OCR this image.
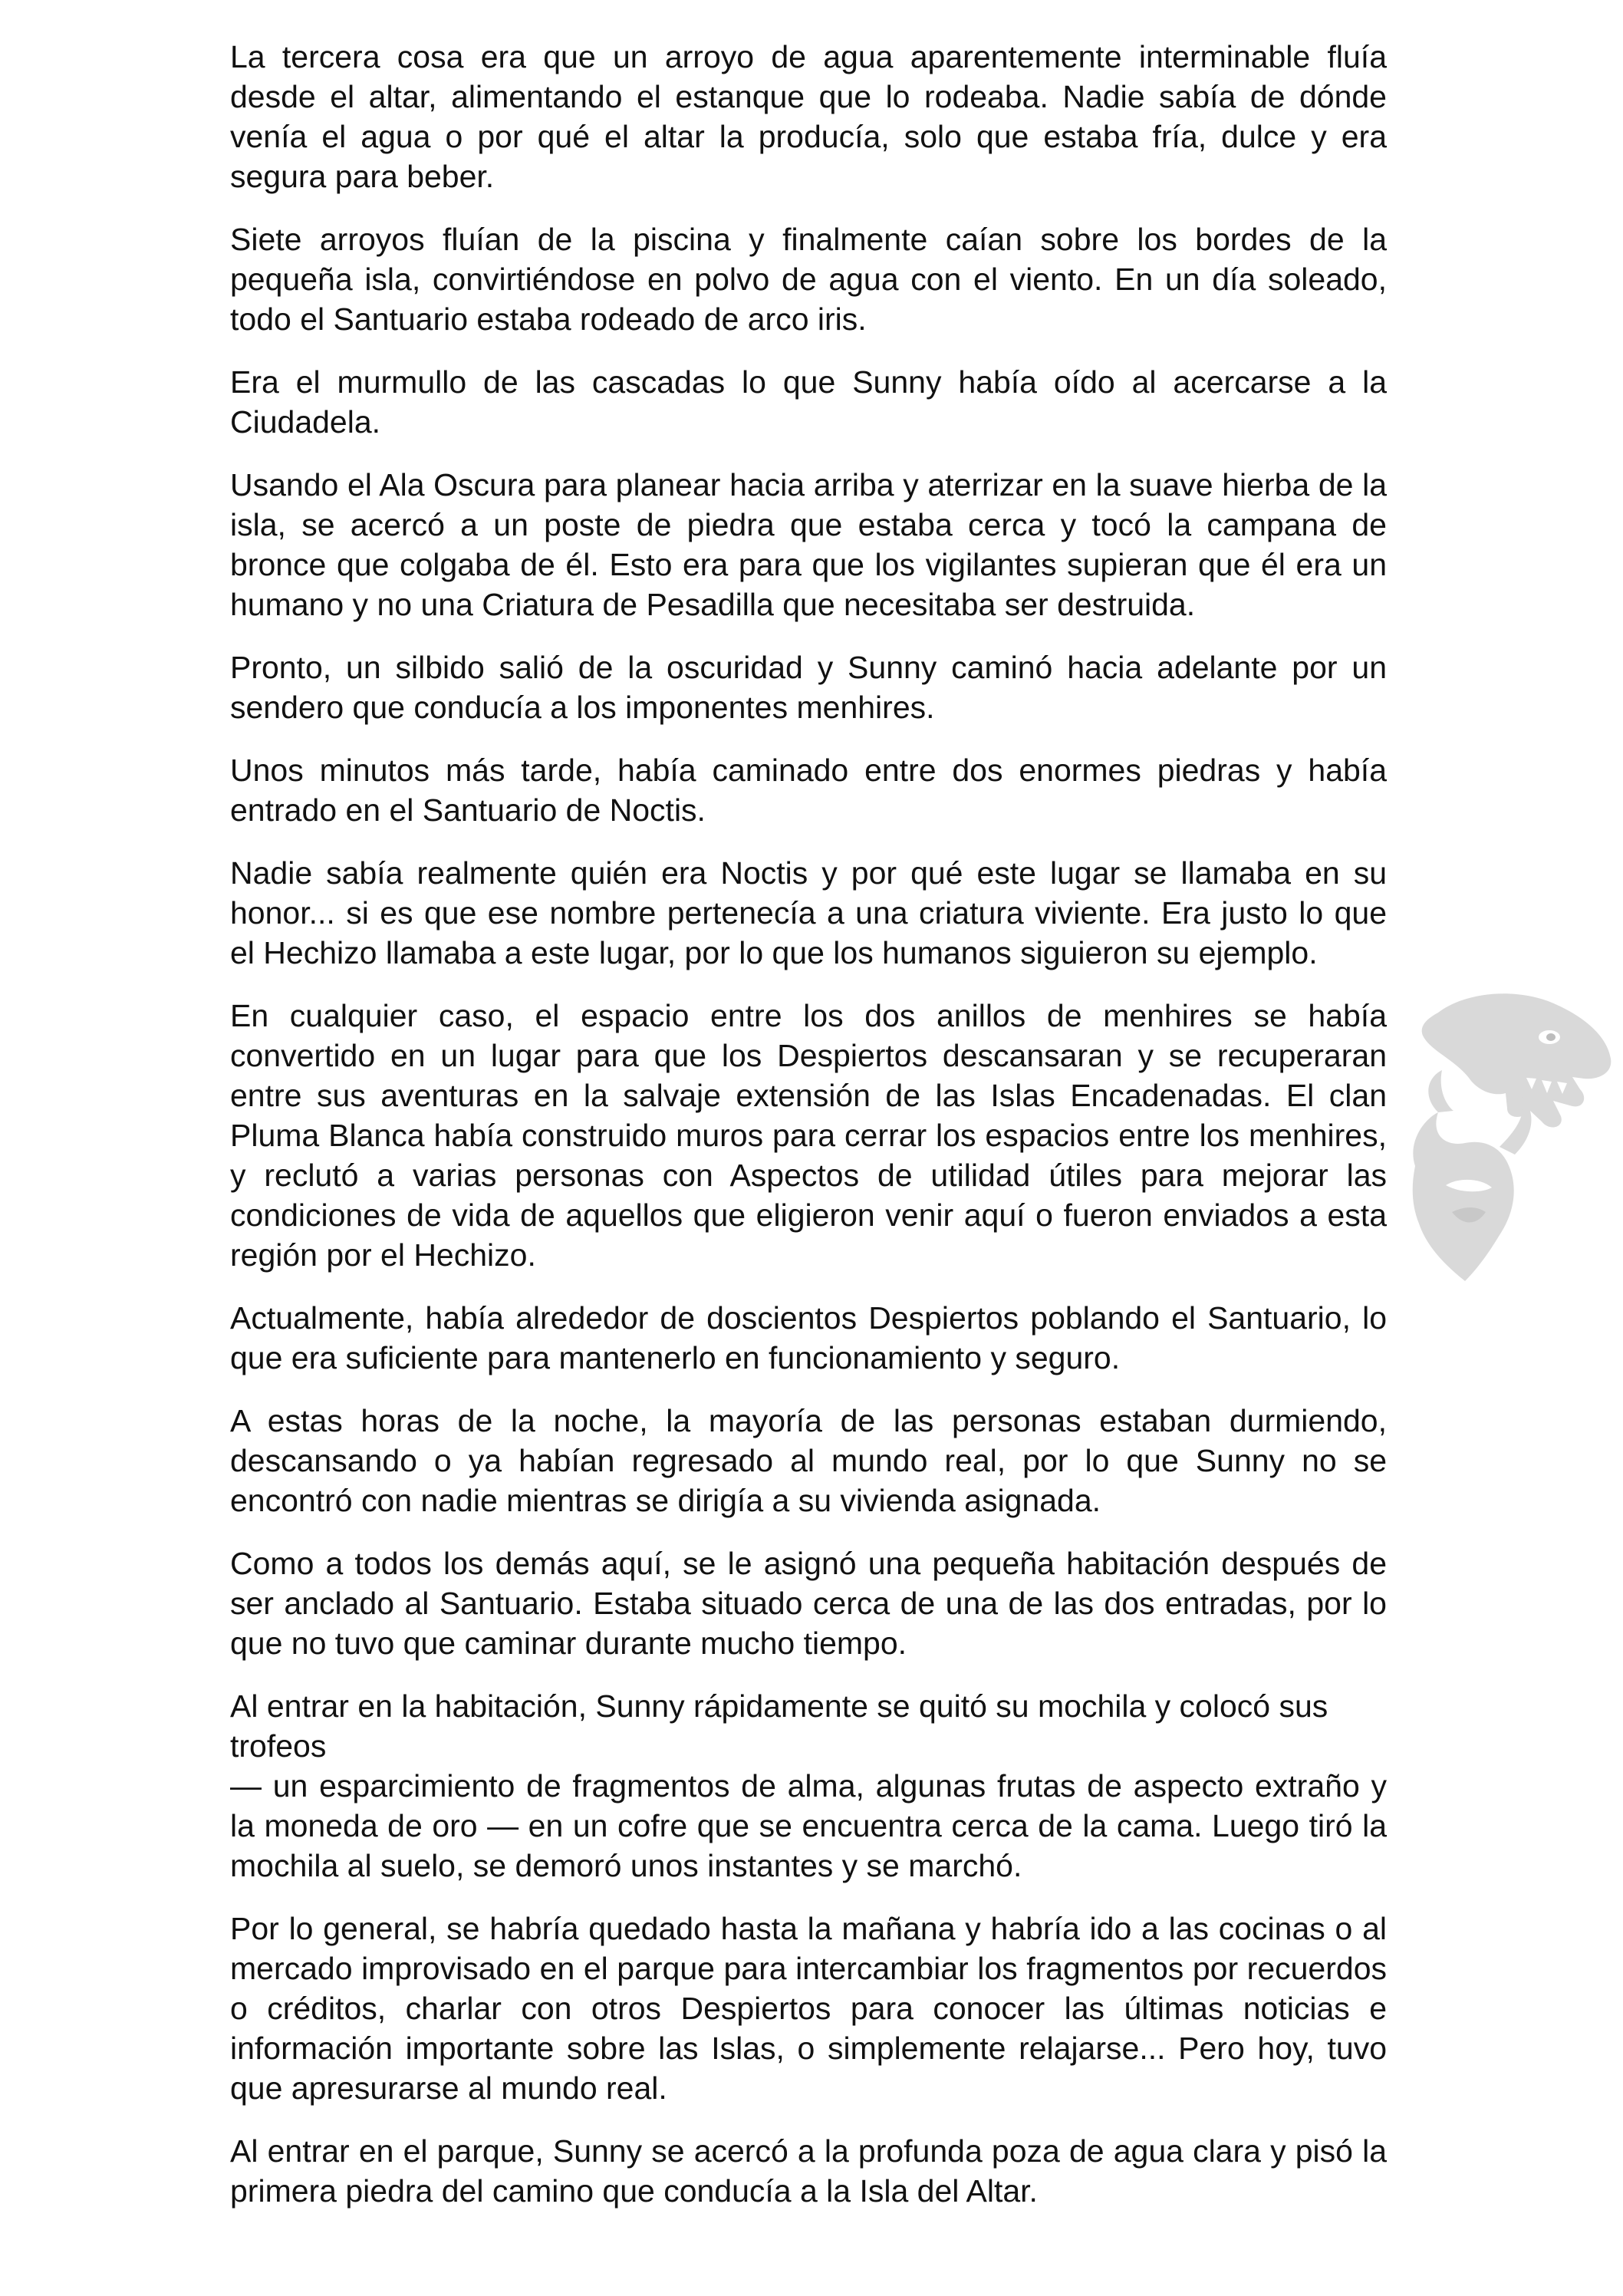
La tercera cosa era que un arroyo de agua aparentemente interminable fluía desde el altar, alimentando el estanque que lo rodeaba. Nadie sabía de dónde venía el agua o por qué el altar la producía, solo que estaba fría, dulce y era segura para beber.

Siete arroyos fluían de la piscina y finalmente caían sobre los bordes de la pequeña isla, convirtiéndose en polvo de agua con el viento. En un día soleado, todo el Santuario estaba rodeado de arco iris.

Era el murmullo de las cascadas lo que Sunny había oído al acercarse a la Ciudadela.

Usando el Ala Oscura para planear hacia arriba y aterrizar en la suave hierba de la isla, se acercó a un poste de piedra que estaba cerca y tocó la campana de bronce que colgaba de él. Esto era para que los vigilantes supieran que él era un humano y no una Criatura de Pesadilla que necesitaba ser destruida.

Pronto, un silbido salió de la oscuridad y Sunny caminó hacia adelante por un sendero que conducía a los imponentes menhires.

Unos minutos más tarde, había caminado entre dos enormes piedras y había entrado en el Santuario de Noctis.

Nadie sabía realmente quién era Noctis y por qué este lugar se llamaba en su honor... si es que ese nombre pertenecía a una criatura viviente. Era justo lo que el Hechizo llamaba a este lugar, por lo que los humanos siguieron su ejemplo.

En cualquier caso, el espacio entre los dos anillos de menhires se había convertido en un lugar para que los Despiertos descansaran y se recuperaran entre sus aventuras en la salvaje extensión de las Islas Encadenadas. El clan Pluma Blanca había construido muros para cerrar los espacios entre los menhires, y reclutó a varias personas con Aspectos de utilidad útiles para mejorar las condiciones de vida de aquellos que eligieron venir aquí o fueron enviados a esta región por el Hechizo.

Actualmente, había alrededor de doscientos Despiertos poblando el Santuario, lo que era suficiente para mantenerlo en funcionamiento y seguro.

A estas horas de la noche, la mayoría de las personas estaban durmiendo, descansando o ya habían regresado al mundo real, por lo que Sunny no se encontró con nadie mientras se dirigía a su vivienda asignada.

Como a todos los demás aquí, se le asignó una pequeña habitación después de ser anclado al Santuario. Estaba situado cerca de una de las dos entradas, por lo que no tuvo que caminar durante mucho tiempo.

Al entrar en la habitación, Sunny rápidamente se quitó su mochila y colocó sus trofeos
— un esparcimiento de fragmentos de alma, algunas frutas de aspecto extraño y la moneda de oro — en un cofre que se encuentra cerca de la cama. Luego tiró la mochila al suelo, se demoró unos instantes y se marchó.

Por lo general, se habría quedado hasta la mañana y habría ido a las cocinas o al mercado improvisado en el parque para intercambiar los fragmentos por recuerdos o créditos, charlar con otros Despiertos para conocer las últimas noticias e información importante sobre las Islas, o simplemente relajarse... Pero hoy, tuvo que apresurarse al mundo real.

Al entrar en el parque, Sunny se acercó a la profunda poza de agua clara y pisó la primera piedra del camino que conducía a la Isla del Altar.
